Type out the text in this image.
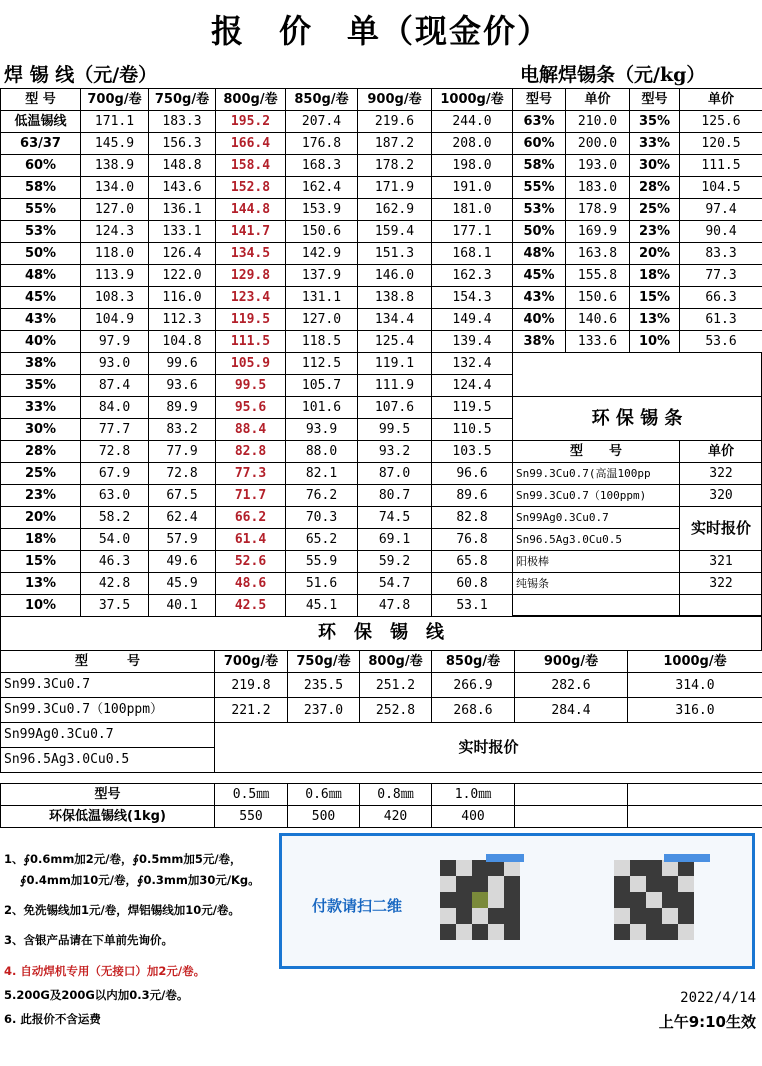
报　价　单（现金价）
焊 锡 线（元/卷）	电解焊锡条（元/kg）
型 号	700g/卷	750g/卷	800g/卷	850g/卷	900g/卷	1000g/卷
低温锡线	171.1	183.3	195.2	207.4	219.6	244.0
63/37	145.9	156.3	166.4	176.8	187.2	208.0
60%	138.9	148.8	158.4	168.3	178.2	198.0
58%	134.0	143.6	152.8	162.4	171.9	191.0
55%	127.0	136.1	144.8	153.9	162.9	181.0
53%	124.3	133.1	141.7	150.6	159.4	177.1
50%	118.0	126.4	134.5	142.9	151.3	168.1
48%	113.9	122.0	129.8	137.9	146.0	162.3
45%	108.3	116.0	123.4	131.1	138.8	154.3
43%	104.9	112.3	119.5	127.0	134.4	149.4
40%	97.9	104.8	111.5	118.5	125.4	139.4
38%	93.0	99.6	105.9	112.5	119.1	132.4
35%	87.4	93.6	99.5	105.7	111.9	124.4
33%	84.0	89.9	95.6	101.6	107.6	119.5
30%	77.7	83.2	88.4	93.9	99.5	110.5
28%	72.8	77.9	82.8	88.0	93.2	103.5
25%	67.9	72.8	77.3	82.1	87.0	96.6
23%	63.0	67.5	71.7	76.2	80.7	89.6
20%	58.2	62.4	66.2	70.3	74.5	82.8
18%	54.0	57.9	61.4	65.2	69.1	76.8
15%	46.3	49.6	52.6	55.9	59.2	65.8
13%	42.8	45.9	48.6	51.6	54.7	60.8
10%	37.5	40.1	42.5	45.1	47.8	53.1
型号	单价	型号	单价
63%	210.0	35%	125.6
60%	200.0	33%	120.5
58%	193.0	30%	111.5
55%	183.0	28%	104.5
53%	178.9	25%	97.4
50%	169.9	23%	90.4
48%	163.8	20%	83.3
45%	155.8	18%	77.3
43%	150.6	15%	66.3
40%	140.6	13%	61.3
38%	133.6	10%	53.6
环 保 锡 条
型　　号	单价
Sn99.3Cu0.7(高温100pp	322
Sn99.3Cu0.7（100ppm)	320
Sn99Ag0.3Cu0.7	实时报价
Sn96.5Ag3.0Cu0.5	
阳极棒	321
纯锡条	322

环　保　锡　线
型　　　号	700g/卷	750g/卷	800g/卷	850g/卷	900g/卷	1000g/卷
Sn99.3Cu0.7	219.8	235.5	251.2	266.9	282.6	314.0
Sn99.3Cu0.7（100ppm）	221.2	237.0	252.8	268.6	284.4	316.0
Sn99Ag0.3Cu0.7	实时报价					
Sn96.5Ag3.0Cu0.5						

型号	0.5㎜	0.6㎜	0.8㎜	1.0㎜		
环保低温锡线(1kg)	550	500	420	400		
1、∮0.6mm加2元/卷，∮0.5mm加5元/卷，
∮0.4mm加10元/卷，∮0.3mm加30元/Kg。
2、免洗锡线加1元/卷，焊铝锡线加10元/卷。
3、含银产品请在下单前先询价。
4. 自动焊机专用（无接口）加2元/卷。
5.200G及200G以内加0.3元/卷。
6. 此报价不含运费
付款请扫二维
2022/4/14
上午9:10生效
